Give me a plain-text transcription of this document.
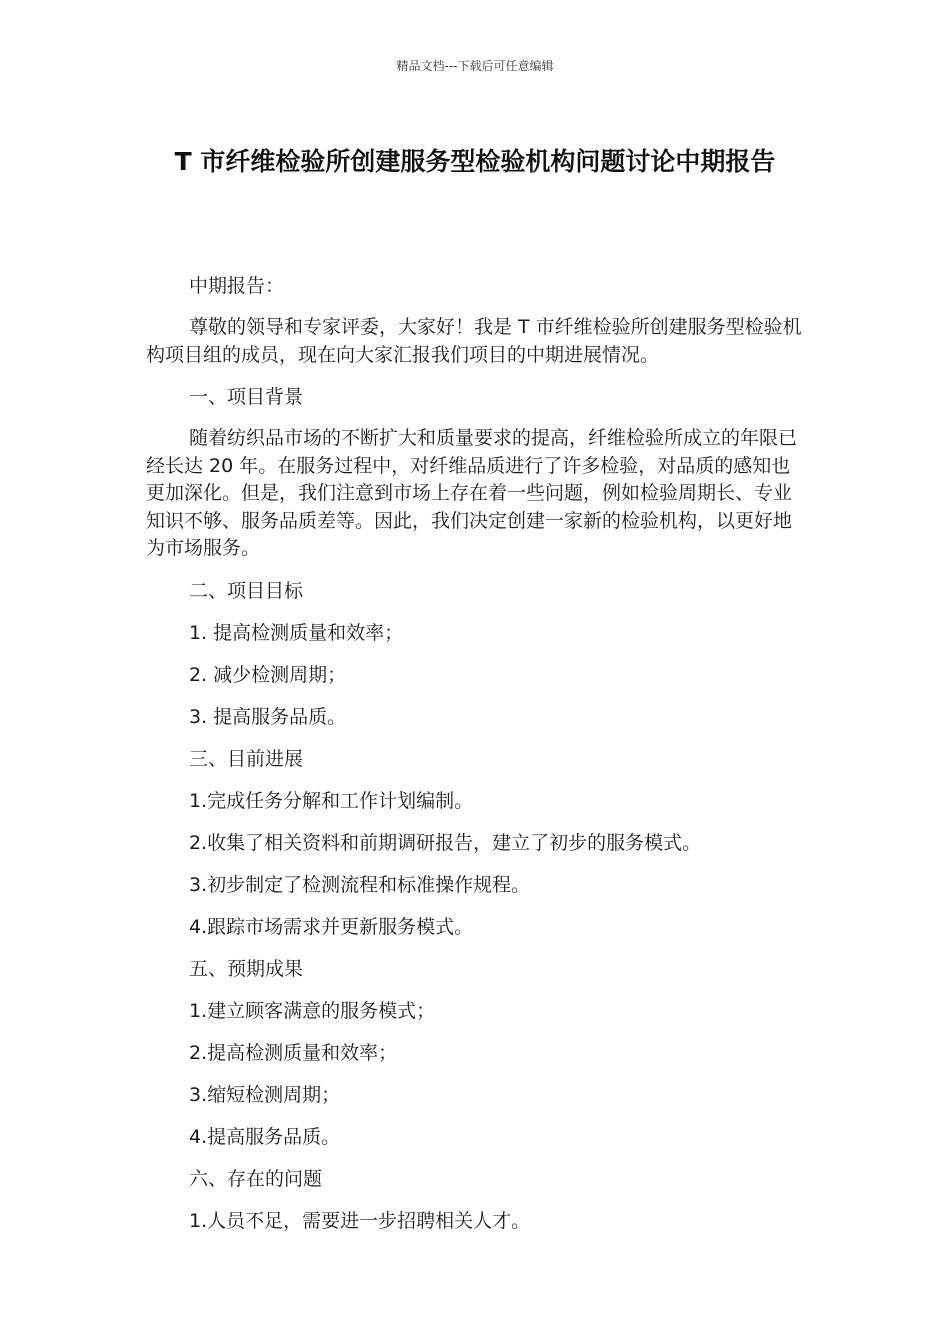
精品文档---下载后可任意编辑
T 市纤维检验所创建服务型检验机构问题讨论中期报告

中期报告：

尊敬的领导和专家评委，大家好！我是 T 市纤维检验所创建服务型检验机构项目组的成员，现在向大家汇报我们项目的中期进展情况。

一、项目背景

随着纺织品市场的不断扩大和质量要求的提高，纤维检验所成立的年限已经长达 20 年。在服务过程中，对纤维品质进行了许多检验，对品质的感知也更加深化。但是，我们注意到市场上存在着一些问题，例如检验周期长、专业知识不够、服务品质差等。因此，我们决定创建一家新的检验机构，以更好地为市场服务。

二、项目目标

1. 提高检测质量和效率；

2. 减少检测周期；

3. 提高服务品质。

三、目前进展

1.完成任务分解和工作计划编制。

2.收集了相关资料和前期调研报告，建立了初步的服务模式。

3.初步制定了检测流程和标准操作规程。

4.跟踪市场需求并更新服务模式。

五、预期成果

1.建立顾客满意的服务模式；

2.提高检测质量和效率；

3.缩短检测周期；

4.提高服务品质。

六、存在的问题

1.人员不足，需要进一步招聘相关人才。
